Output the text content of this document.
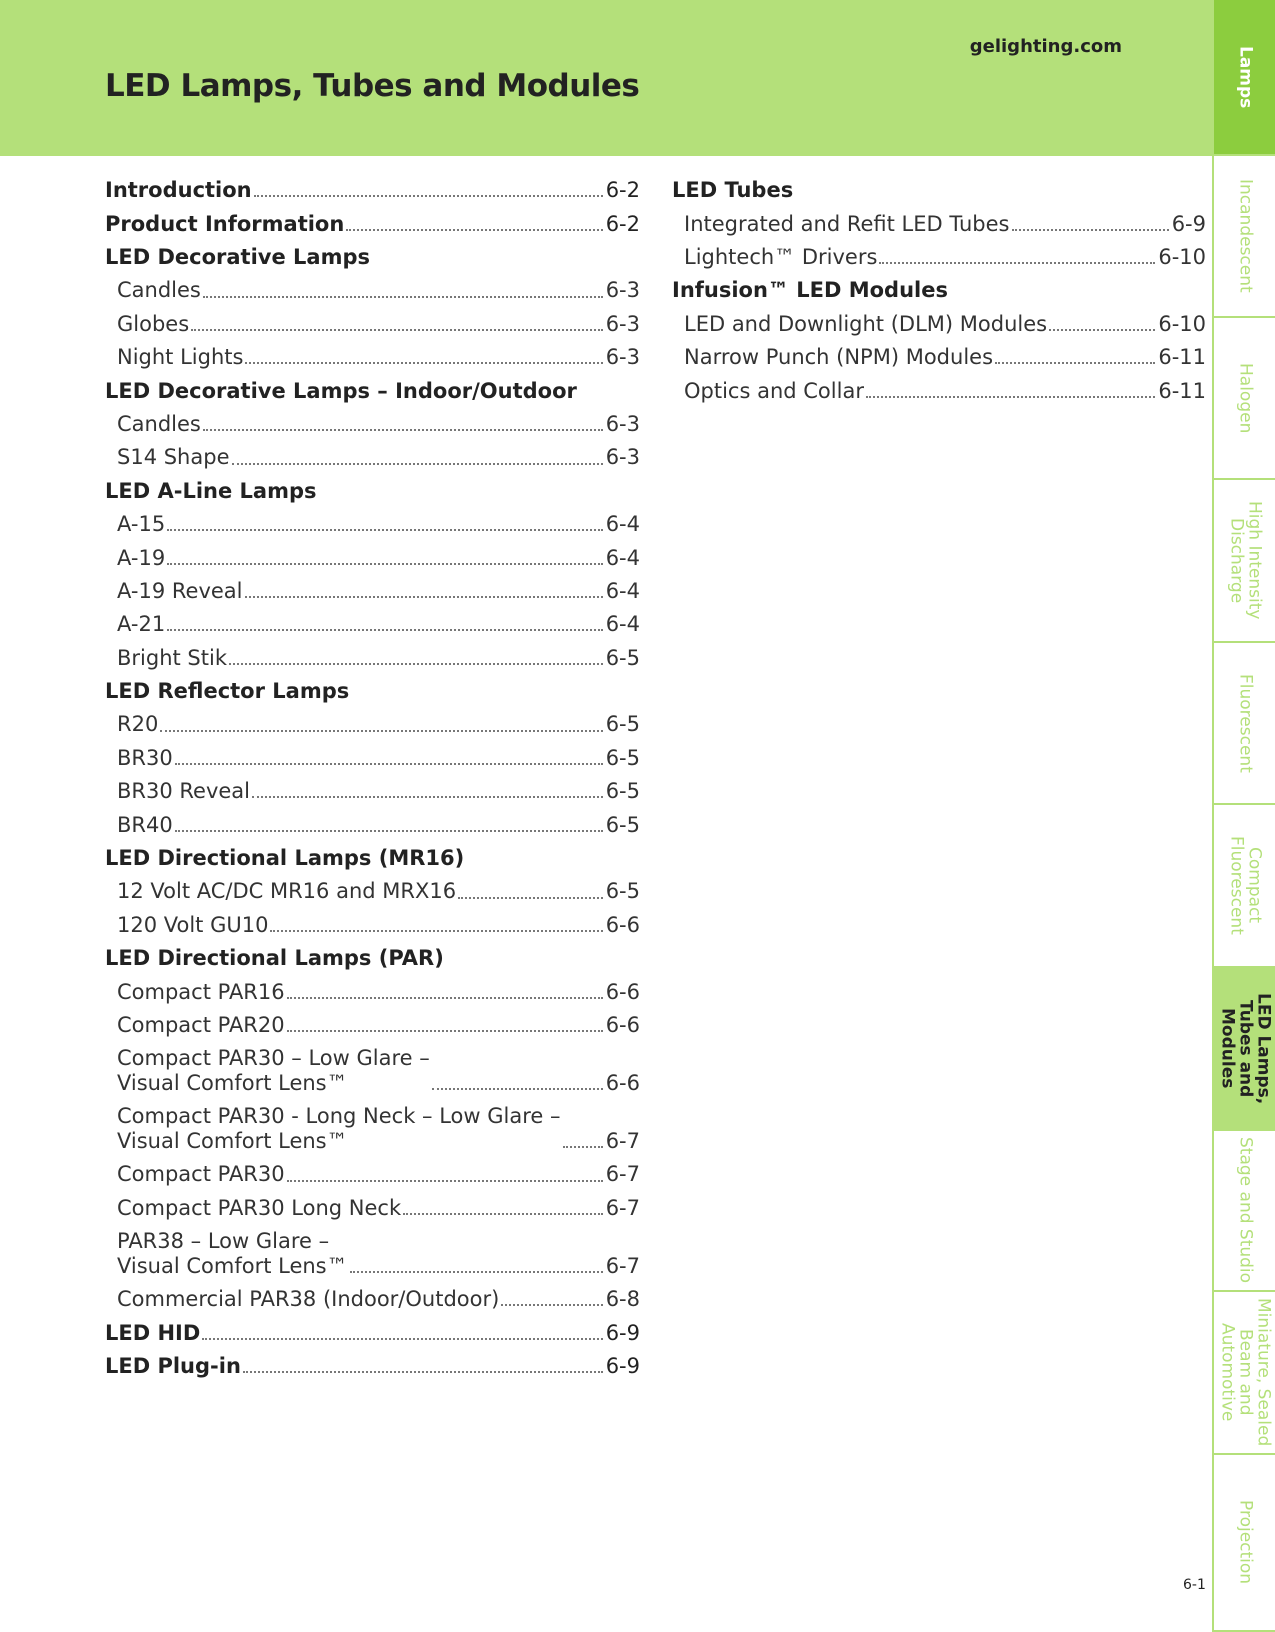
gelighting.com
LED Lamps, Tubes and Modules
Introduction	6-2
Product Information	6-2
LED Decorative Lamps
Candles	6-3
Globes	6-3
Night Lights	6-3
LED Decorative Lamps – Indoor/Outdoor
Candles	6-3
S14 Shape	6-3
LED A-Line Lamps
A-15	6-4
A-19	6-4
A-19 Reveal	6-4
A-21	6-4
Bright Stik	6-5
LED Reflector Lamps
R20	6-5
BR30	6-5
BR30 Reveal	6-5
BR40	6-5
LED Directional Lamps (MR16)
12 Volt AC/DC MR16 and MRX16	6-5
120 Volt GU10	6-6
LED Directional Lamps (PAR)
Compact PAR16	6-6
Compact PAR20	6-6
Compact PAR30 – Low Glare –
Visual Comfort Lens™	6-6
Compact PAR30 - Long Neck – Low Glare –
Visual Comfort Lens™	6-7
Compact PAR30	6-7
Compact PAR30 Long Neck	6-7
PAR38 – Low Glare –
Visual Comfort Lens™	6-7
Commercial PAR38 (Indoor/Outdoor)	6-8
LED HID	6-9
LED Plug-in	6-9
LED Tubes
Integrated and Refit LED Tubes	6-9
Lightech™ Drivers	6-10
Infusion™ LED Modules
LED and Downlight (DLM) Modules	6-10
Narrow Punch (NPM) Modules	6-11
Optics and Collar	6-11
Lamps
Incandescent
Halogen
High Intensity
Discharge
Fluorescent
Compact
Fluorescent
LED Lamps,
Tubes and Modules
Stage and Studio
Miniature, Sealed
Beam and Automotive
Projection
6-1
